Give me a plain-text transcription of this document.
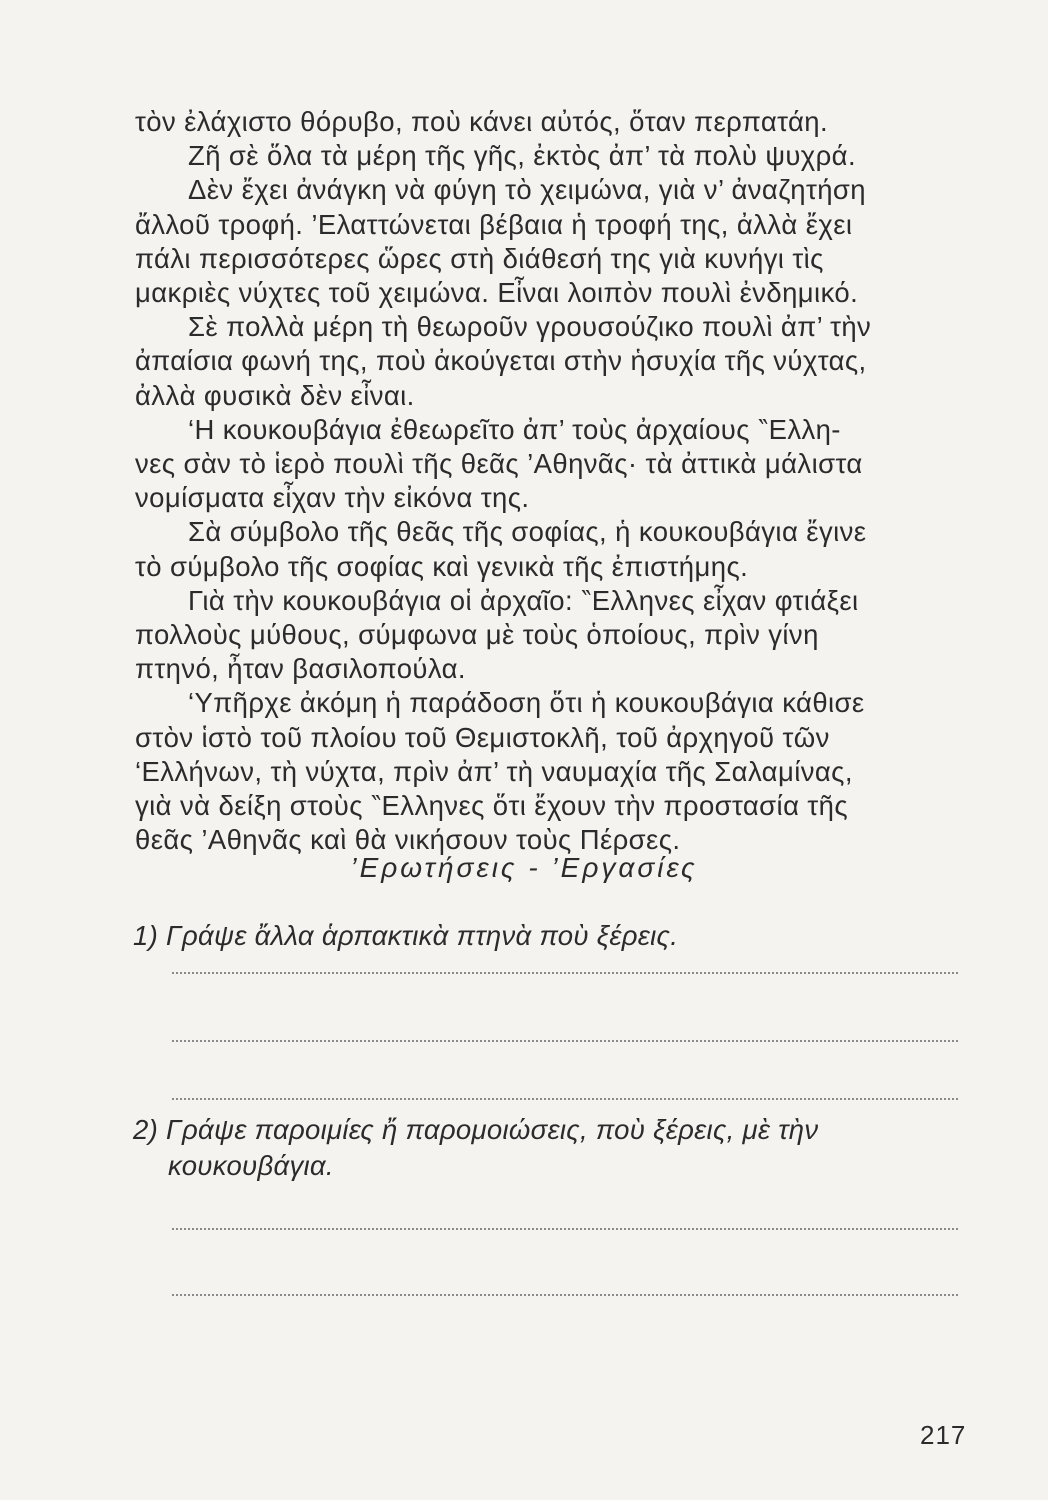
τὸν ἐλάχιστο θόρυβο, ποὺ κάνει αὐτός, ὅταν περπατάη.
Ζῆ σὲ ὅλα τὰ μέρη τῆς γῆς, ἐκτὸς ἀπ’ τὰ πολὺ ψυχρά.
Δὲν ἔχει ἀνάγκη νὰ φύγη τὸ χειμώνα, γιὰ ν’ ἀναζητήση
ἄλλοῦ τροφή. ’Ελαττώνεται βέβαια ἡ τροφή της, ἀλλὰ ἔχει
πάλι περισσότερες ὥρες στὴ διάθεσή της γιὰ κυνήγι τὶς
μακριὲς νύχτες τοῦ χειμώνα. Εἶναι λοιπὸν πουλὶ ἐνδημικό.
Σὲ πολλὰ μέρη τὴ θεωροῦν γρουσούζικο πουλὶ ἀπ’ τὴν
ἀπαίσια φωνή της, ποὺ ἀκούγεται στὴν ἡσυχία τῆς νύχτας,
ἀλλὰ φυσικὰ δὲν εἶναι.
‘Η κουκουβάγια ἐθεωρεῖτο ἀπ’ τοὺς ἀρχαίους ‶Ελλη-
νες σὰν τὸ ἱερὸ πουλὶ τῆς θεᾶς ’Αθηνᾶς· τὰ ἀττικὰ μάλιστα
νομίσματα εἶχαν τὴν εἰκόνα της.
Σὰ σύμβολο τῆς θεᾶς τῆς σοφίας, ἡ κουκουβάγια ἔγινε
τὸ σύμβολο τῆς σοφίας καὶ γενικὰ τῆς ἐπιστήμης.
Γιὰ τὴν κουκουβάγια οἱ ἀρχαῖο: ‶Ελληνες εἶχαν φτιάξει
πολλοὺς μύθους, σύμφωνα μὲ τοὺς ὁποίους, πρὶν γίνη
πτηνό, ἦταν βασιλοπούλα.
‘Υπῆρχε ἀκόμη ἡ παράδοση ὅτι ἡ κουκουβάγια κάθισε
στὸν ἱστὸ τοῦ πλοίου τοῦ Θεμιστοκλῆ, τοῦ ἀρχηγοῦ τῶν
‘Ελλήνων, τὴ νύχτα, πρὶν ἀπ’ τὴ ναυμαχία τῆς Σαλαμίνας,
γιὰ νὰ δείξη στοὺς ‶Ελληνες ὅτι ἔχουν τὴν προστασία τῆς
θεᾶς ’Αθηνᾶς καὶ θὰ νικήσουν τοὺς Πέρσες.
’Ερωτήσεις - ’Εργασίες
1) Γράψε ἄλλα ἁρπακτικὰ πτηνὰ ποὺ ξέρεις.
2) Γράψε παροιμίες ἤ παρομοιώσεις, ποὺ ξέρεις, μὲ τὴν
κουκουβάγια.
217
